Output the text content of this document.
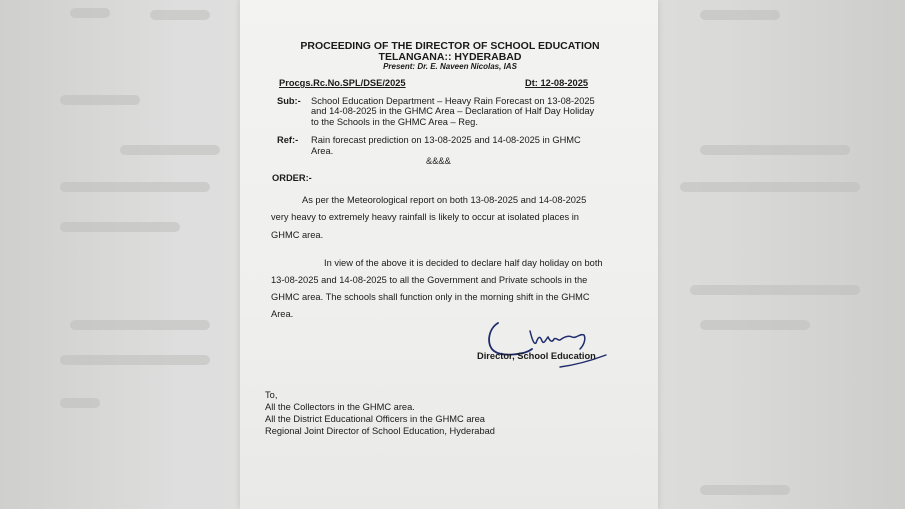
PROCEEDING OF THE DIRECTOR OF SCHOOL EDUCATION
TELANGANA:: HYDERABAD
Present: Dr. E. Naveen Nicolas, IAS
Procgs.Rc.No.SPL/DSE/2025	Dt: 12-08-2025
Sub:- School Education Department – Heavy Rain Forecast on 13-08-2025
and 14-08-2025 in the GHMC Area – Declaration of Half Day Holiday
to the Schools in the GHMC Area – Reg.
Ref:- Rain forecast prediction on 13-08-2025 and 14-08-2025 in GHMC
Area.
&&&&
ORDER:-
As per the Meteorological report on both 13-08-2025 and 14-08-2025
very heavy to extremely heavy rainfall is likely to occur at isolated places in
GHMC area.
In view of the above it is decided to declare half day holiday on both
13-08-2025 and 14-08-2025 to all the Government and Private schools in the
GHMC area. The schools shall function only in the morning shift in the GHMC
Area.
Director, School Education
To,
All the Collectors in the GHMC area.
All the District Educational Officers in the GHMC area
Regional Joint Director of School Education, Hyderabad
